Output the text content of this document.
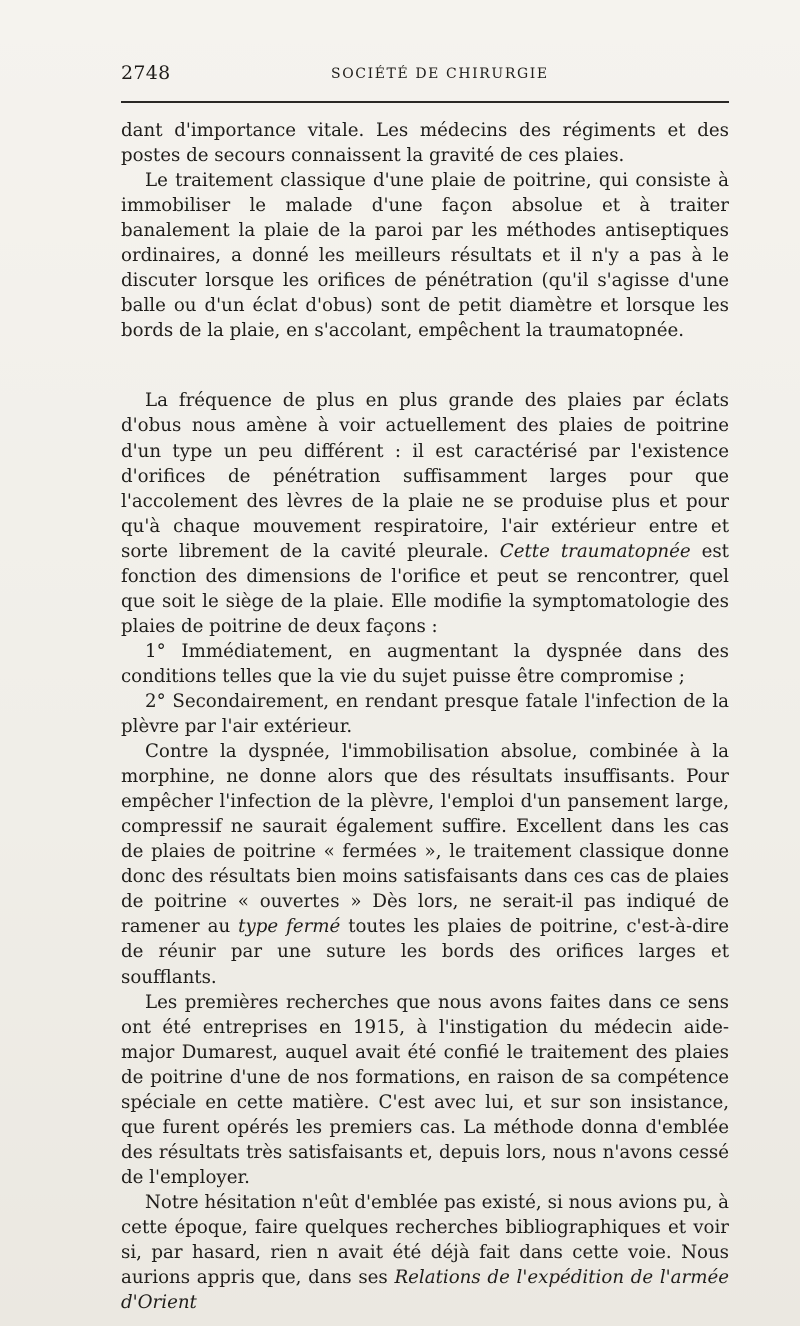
2748	SOCIÉTÉ DE CHIRURGIE

dant d'importance vitale. Les médecins des régiments et des postes de secours connaissent la gravité de ces plaies.

Le traitement classique d'une plaie de poitrine, qui consiste à immobiliser le malade d'une façon absolue et à traiter banalement la plaie de la paroi par les méthodes antiseptiques ordinaires, a donné les meilleurs résultats et il n'y a pas à le discuter lorsque les orifices de pénétration (qu'il s'agisse d'une balle ou d'un éclat d'obus) sont de petit diamètre et lorsque les bords de la plaie, en s'accolant, empêchent la traumatopnée.

La fréquence de plus en plus grande des plaies par éclats d'obus nous amène à voir actuellement des plaies de poitrine d'un type un peu différent : il est caractérisé par l'existence d'orifices de pénétration suffisamment larges pour que l'accolement des lèvres de la plaie ne se produise plus et pour qu'à chaque mouvement respiratoire, l'air extérieur entre et sorte librement de la cavité pleurale. Cette traumatopnée est fonction des dimensions de l'orifice et peut se rencontrer, quel que soit le siège de la plaie. Elle modifie la symptomatologie des plaies de poitrine de deux façons :

1° Immédiatement, en augmentant la dyspnée dans des conditions telles que la vie du sujet puisse être compromise ;

2° Secondairement, en rendant presque fatale l'infection de la plèvre par l'air extérieur.

Contre la dyspnée, l'immobilisation absolue, combinée à la morphine, ne donne alors que des résultats insuffisants. Pour empêcher l'infection de la plèvre, l'emploi d'un pansement large, compressif ne saurait également suffire. Excellent dans les cas de plaies de poitrine « fermées », le traitement classique donne donc des résultats bien moins satisfaisants dans ces cas de plaies de poitrine « ouvertes » Dès lors, ne serait-il pas indiqué de ramener au type fermé toutes les plaies de poitrine, c'est-à-dire de réunir par une suture les bords des orifices larges et soufflants.

Les premières recherches que nous avons faites dans ce sens ont été entreprises en 1915, à l'instigation du médecin aide-major Dumarest, auquel avait été confié le traitement des plaies de poitrine d'une de nos formations, en raison de sa compétence spéciale en cette matière. C'est avec lui, et sur son insistance, que furent opérés les premiers cas. La méthode donna d'emblée des résultats très satisfaisants et, depuis lors, nous n'avons cessé de l'employer.

Notre hésitation n'eût d'emblée pas existé, si nous avions pu, à cette époque, faire quelques recherches bibliographiques et voir si, par hasard, rien n avait été déjà fait dans cette voie. Nous aurions appris que, dans ses Relations de l'expédition de l'armée d'Orient
